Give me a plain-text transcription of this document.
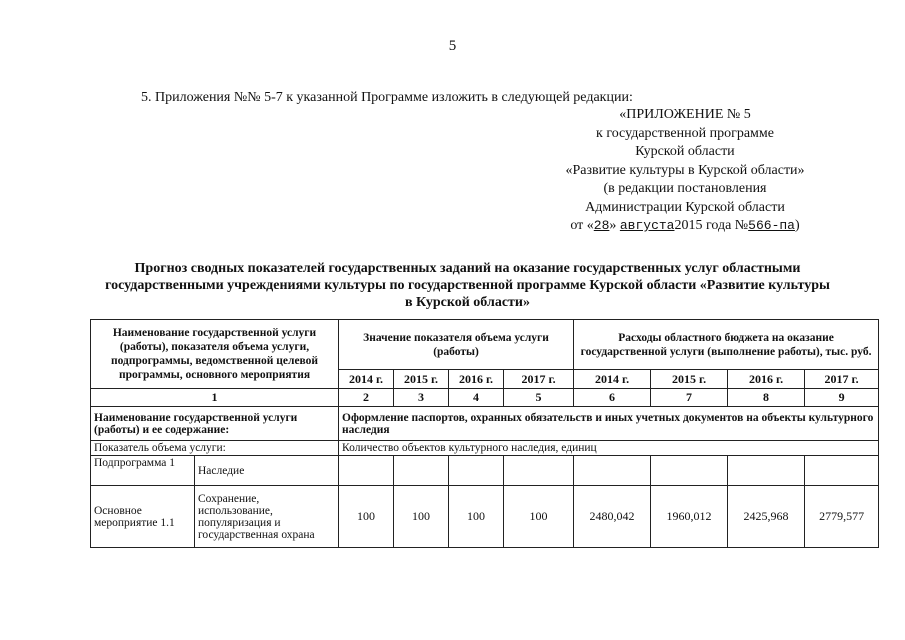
5
5. Приложения №№ 5-7 к указанной Программе изложить в следующей редакции:
«ПРИЛОЖЕНИЕ № 5
к государственной программе
Курской области
«Развитие культуры в Курской области»
(в редакции постановления
Администрации Курской области
от «28» августа2015 года №566-па)
Прогноз сводных показателей государственных заданий на оказание государственных услуг областными государственными учреждениями культуры по государственной программе Курской области «Развитие культуры в Курской области»
Наименование государственной услуги (работы), показателя объема услуги, подпрограммы, ведомственной целевой программы, основного мероприятия		Значение показателя объема услуги (работы)				Расходы областного бюджета на оказание государственной услуги (выполнение работы), тыс. руб.			
		2014 г.	2015 г.	2016 г.	2017 г.	2014 г.	2015 г.	2016 г.	2017 г.
1		2	3	4	5	6	7	8	9
Наименование государственной услуги (работы) и ее содержание:		Оформление паспортов, охранных обязательств и иных учетных документов на объекты культурного наследия							
Показатель объема услуги:		Количество объектов культурного наследия, единиц							
Подпрограмма 1	Наследие								
Основное мероприятие 1.1	Сохранение, использование, популяризация и государственная охрана	100	100	100	100	2480,042	1960,012	2425,968	2779,577
